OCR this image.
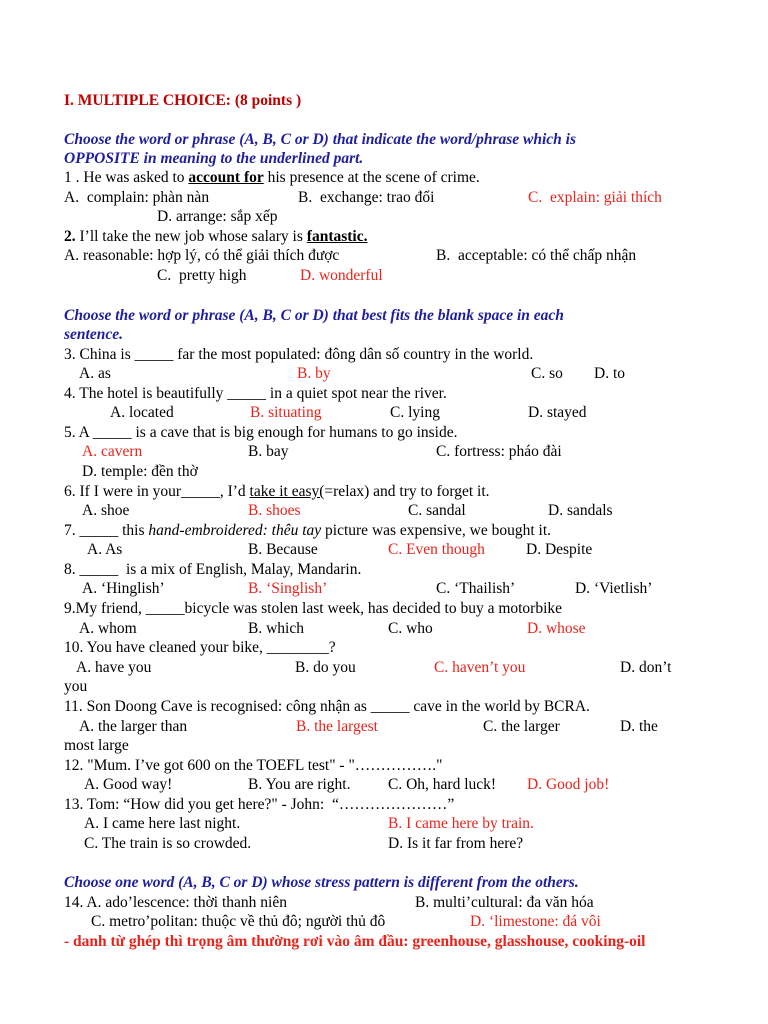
I. MULTIPLE CHOICE: (8 points )
Choose the word or phrase (A, B, C or D) that indicate the word/phrase which is
OPPOSITE in meaning to the underlined part.
1 . He was asked to account for his presence at the scene of crime.

A.  complain: phàn nàn

	B.  exchange: trao đổi

	C.  explain: giải thích

D. arrange: sắp xếp
2. I’ll take the new job whose salary is fantastic.

A. reasonable: hợp lý, có thể giải thích được

	B.  acceptable: có thể chấp nhận

C.  pretty high

	D. wonderful

Choose the word or phrase (A, B, C or D) that best fits the blank space in each
sentence.
3. China is _____ far the most populated: đông dân số country in the world.

A. as

	B. by

	C. so

D. to

4. The hotel is beautifully _____ in a quiet spot near the river.

A. located

	B. situating

	C. lying

	D. stayed

5. A _____ is a cave that is big enough for humans to go inside.

A. cavern

	B. bay

	C. fortress: pháo đài

D. temple: đền thờ
6. If I were in your_____, I’d take it easy(=relax) and try to forget it.

A. shoe

	B. shoes

	C. sandal

	D. sandals

7. _____ this hand-embroidered: thêu tay picture was expensive, we bought it.

A. As

	B. Because

	C. Even though

	D. Despite

8. _____  is a mix of English, Malay, Mandarin.

A. ‘Hinglish’

	B. ‘Singlish’

	C. ‘Thailish’

	D. ‘Vietlish’

9.My friend, _____bicycle was stolen last week, has decided to buy a motorbike

A. whom

	B. which

	C. who

	D. whose

10. You have cleaned your bike, ________?

A. have you

	B. do you

	C. haven’t you

	D. don’t

you
11. Son Doong Cave is recognised: công nhận as _____ cave in the world by BCRA.

A. the larger than

	B. the largest

	C. the larger

	D. the

most large
12. "Mum. I’ve got 600 on the TOEFL test" - "……………."

A. Good way!

	B. You are right.

C. Oh, hard luck!

D. Good job!

13. Tom: “How did you get here?" - John:  “…………………”

A. I came here last night.

	B. I came here by train.

C. The train is so crowded.

	D. Is it far from here?

Choose one word (A, B, C or D) whose stress pattern is different from the others.

14. A. ado’lescence: thời thanh niên

	B. multi’cultural: đa văn hóa

C. metro’politan: thuộc về thủ đô; người thủ đô

	D. ‘limestone: đá vôi

- danh từ ghép thì trọng âm thường rơi vào âm đầu: greenhouse, glasshouse, cooking-oil
